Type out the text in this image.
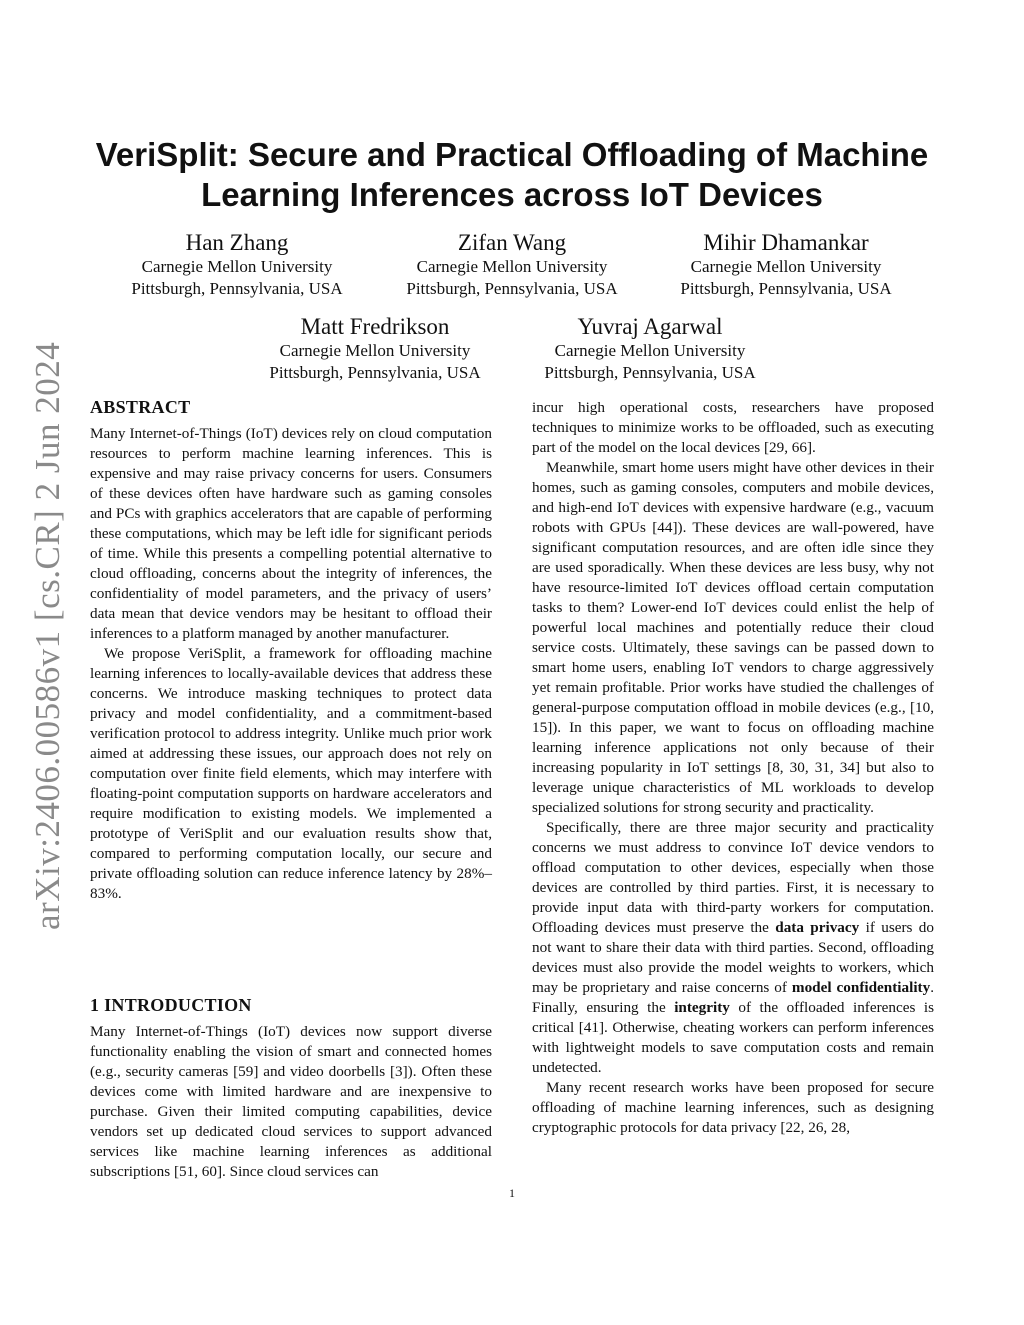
arXiv:2406.00586v1 [cs.CR] 2 Jun 2024
VeriSplit: Secure and Practical Offloading of Machine Learning Inferences across IoT Devices
Han Zhang
Carnegie Mellon University
Pittsburgh, Pennsylvania, USA
Zifan Wang
Carnegie Mellon University
Pittsburgh, Pennsylvania, USA
Mihir Dhamankar
Carnegie Mellon University
Pittsburgh, Pennsylvania, USA
Matt Fredrikson
Carnegie Mellon University
Pittsburgh, Pennsylvania, USA
Yuvraj Agarwal
Carnegie Mellon University
Pittsburgh, Pennsylvania, USA
ABSTRACT

Many Internet-of-Things (IoT) devices rely on cloud computation resources to perform machine learning inferences. This is expensive and may raise privacy concerns for users. Consumers of these devices often have hardware such as gaming consoles and PCs with graphics accelerators that are capable of performing these computations, which may be left idle for significant periods of time. While this presents a compelling potential alternative to cloud offloading, concerns about the integrity of inferences, the confidentiality of model parameters, and the privacy of users’ data mean that device vendors may be hesitant to offload their inferences to a platform managed by another manufacturer.

We propose VeriSplit, a framework for offloading machine learning inferences to locally-available devices that address these concerns. We introduce masking techniques to protect data privacy and model confidentiality, and a commitment-based verification protocol to address integrity. Unlike much prior work aimed at addressing these issues, our approach does not rely on computation over finite field elements, which may interfere with floating-point computation supports on hardware accelerators and require modification to existing models. We implemented a prototype of VeriSplit and our evaluation results show that, compared to performing computation locally, our secure and private offloading solution can reduce inference latency by 28%–83%.

1 INTRODUCTION

Many Internet-of-Things (IoT) devices now support diverse functionality enabling the vision of smart and connected homes (e.g., security cameras [59] and video doorbells [3]). Often these devices come with limited hardware and are inexpensive to purchase. Given their limited computing capabilities, device vendors set up dedicated cloud services to support advanced services like machine learning inferences as additional subscriptions [51, 60]. Since cloud services can

incur high operational costs, researchers have proposed techniques to minimize works to be offloaded, such as executing part of the model on the local devices [29, 66].

Meanwhile, smart home users might have other devices in their homes, such as gaming consoles, computers and mobile devices, and high-end IoT devices with expensive hardware (e.g., vacuum robots with GPUs [44]). These devices are wall-powered, have significant computation resources, and are often idle since they are used sporadically. When these devices are less busy, why not have resource-limited IoT devices offload certain computation tasks to them? Lower-end IoT devices could enlist the help of powerful local machines and potentially reduce their cloud service costs. Ultimately, these savings can be passed down to smart home users, enabling IoT vendors to charge aggressively yet remain profitable. Prior works have studied the challenges of general-purpose computation offload in mobile devices (e.g., [10, 15]). In this paper, we want to focus on offloading machine learning inference applications not only because of their increasing popularity in IoT settings [8, 30, 31, 34] but also to leverage unique characteristics of ML workloads to develop specialized solutions for strong security and practicality.

Specifically, there are three major security and practicality concerns we must address to convince IoT device vendors to offload computation to other devices, especially when those devices are controlled by third parties. First, it is necessary to provide input data with third-party workers for computation. Offloading devices must preserve the data privacy if users do not want to share their data with third parties. Second, offloading devices must also provide the model weights to workers, which may be proprietary and raise concerns of model confidentiality. Finally, ensuring the integrity of the offloaded inferences is critical [41]. Otherwise, cheating workers can perform inferences with lightweight models to save computation costs and remain undetected.

Many recent research works have been proposed for secure offloading of machine learning inferences, such as designing cryptographic protocols for data privacy [22, 26, 28,

1
